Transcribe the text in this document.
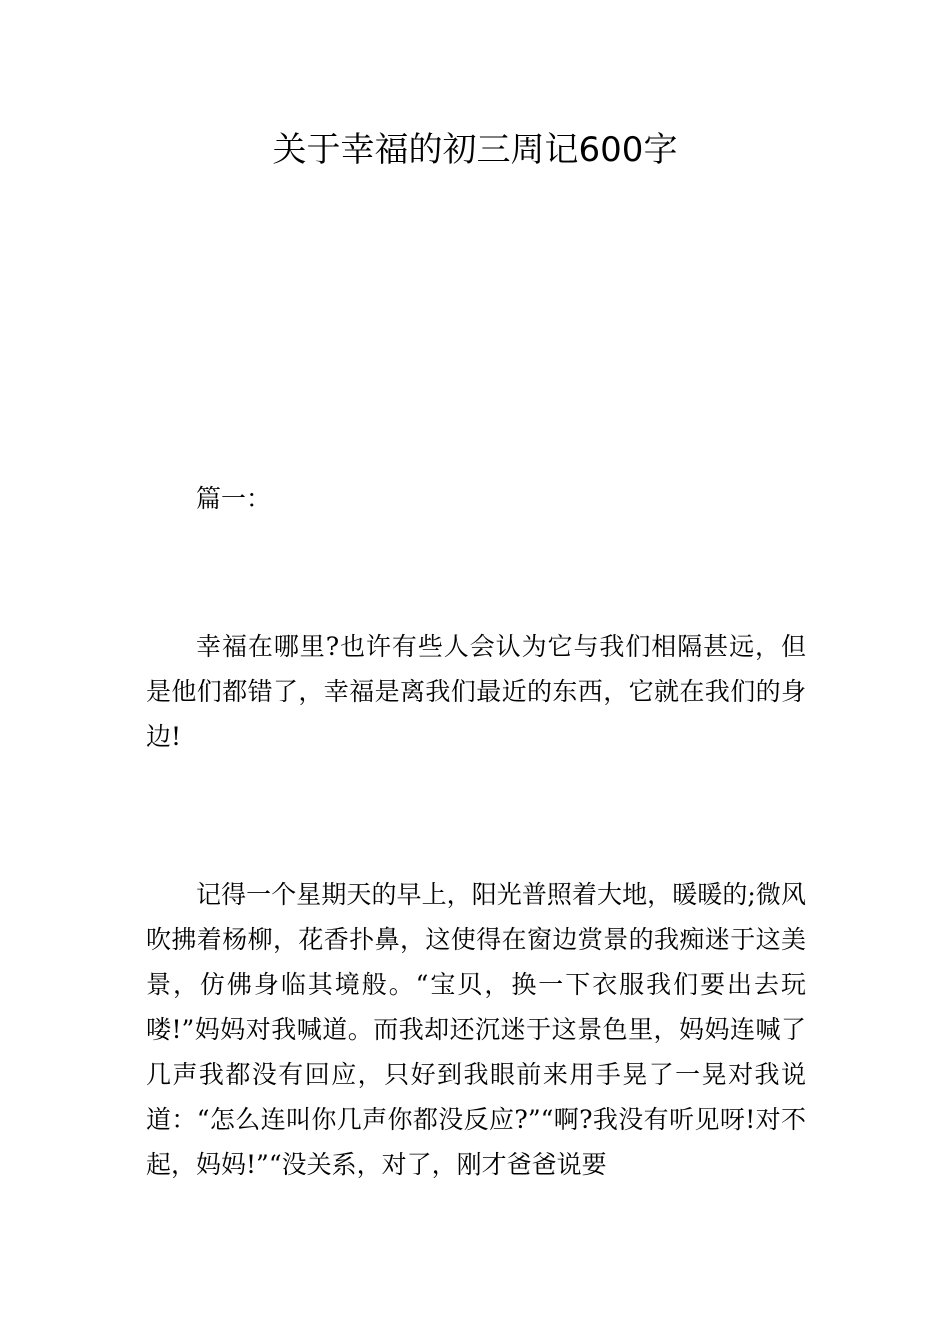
关于幸福的初三周记600字
篇一：
幸福在哪里?也许有些人会认为它与我们相隔甚远，但是他们都错了，幸福是离我们最近的东西，它就在我们的身边!
记得一个星期天的早上，阳光普照着大地，暖暖的;微风吹拂着杨柳，花香扑鼻，这使得在窗边赏景的我痴迷于这美景，仿佛身临其境般。“宝贝，换一下衣服我们要出去玩喽!”妈妈对我喊道。而我却还沉迷于这景色里，妈妈连喊了几声我都没有回应，只好到我眼前来用手晃了一晃对我说道：“怎么连叫你几声你都没反应?”“啊?我没有听见呀!对不起，妈妈!”“没关系，对了，刚才爸爸说要
